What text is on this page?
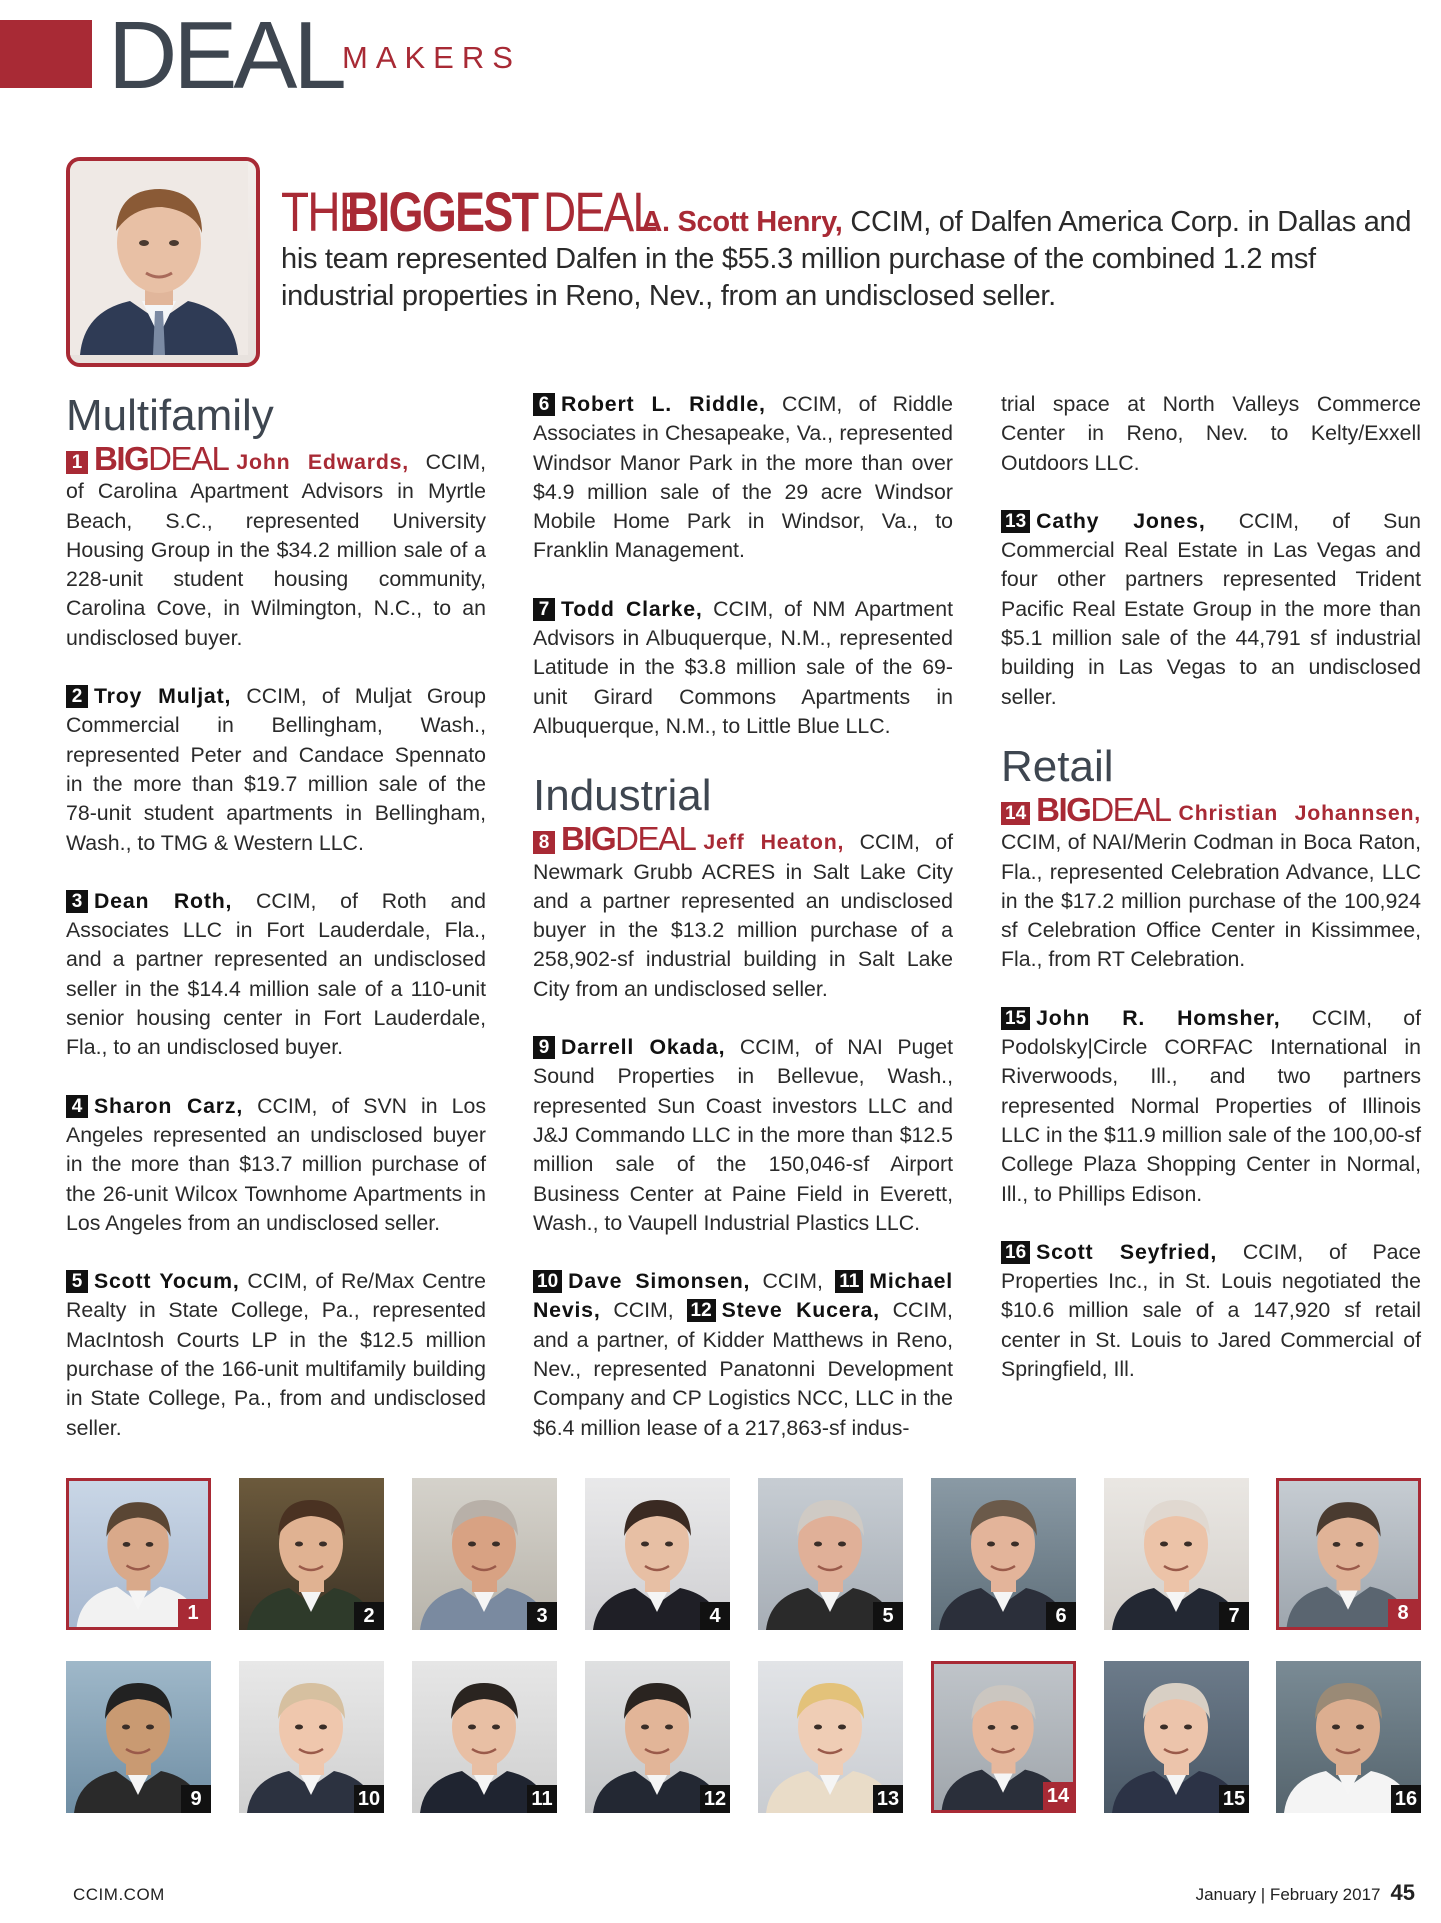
DEAL MAKERS
THEBIGGESTDEALA. Scott Henry, CCIM, of Dalfen America Corp. in Dallas and his team represented Dalfen in the $55.3 million purchase of the combined 1.2 msf industrial properties in Reno, Nev., from an undisclosed seller.
Multifamily

1 BIGDEAL John Edwards, CCIM, of Carolina Apartment Advisors in Myrtle Beach, S.C., represented University Housing Group in the $34.2 million sale of a 228-unit student housing community, Carolina Cove, in Wilmington, N.C., to an undisclosed buyer.

2 Troy Muljat, CCIM, of Muljat Group Commercial in Bellingham, Wash., represented Peter and Candace Spennato in the more than $19.7 million sale of the 78-unit student apartments in Bellingham, Wash., to TMG & Western LLC.

3 Dean Roth, CCIM, of Roth and Associates LLC in Fort Lauderdale, Fla., and a partner represented an undisclosed seller in the $14.4 million sale of a 110-unit senior housing center in Fort Lauderdale, Fla., to an undisclosed buyer.

4 Sharon Carz, CCIM, of SVN in Los Angeles represented an undisclosed buyer in the more than $13.7 million purchase of the 26-unit Wilcox Townhome Apartments in Los Angeles from an undisclosed seller.

5 Scott Yocum, CCIM, of Re/Max Centre Realty in State College, Pa., represented MacIntosh Courts LP in the $12.5 million purchase of the 166-unit multifamily building in State College, Pa., from and undisclosed seller.

6 Robert L. Riddle, CCIM, of Riddle Associates in Chesapeake, Va., represented Windsor Manor Park in the more than over $4.9 million sale of the 29 acre Windsor Mobile Home Park in Windsor, Va., to Franklin Management.

7 Todd Clarke, CCIM, of NM Apartment Advisors in Albuquerque, N.M., represented Latitude in the $3.8 million sale of the 69-unit Girard Commons Apartments in Albuquerque, N.M., to Little Blue LLC.

Industrial

8 BIGDEAL Jeff Heaton, CCIM, of Newmark Grubb ACRES in Salt Lake City and a partner represented an undisclosed buyer in the $13.2 million purchase of a 258,902-sf industrial building in Salt Lake City from an undisclosed seller.

9 Darrell Okada, CCIM, of NAI Puget Sound Properties in Bellevue, Wash., represented Sun Coast investors LLC and J&J Commando LLC in the more than $12.5 million sale of the 150,046-sf Airport Business Center at Paine Field in Everett, Wash., to Vaupell Industrial Plastics LLC.

10 Dave Simonsen, CCIM, 11 Michael Nevis, CCIM, 12 Steve Kucera, CCIM, and a partner, of Kidder Matthews in Reno, Nev., represented Panatonni Development Company and CP Logistics NCC, LLC in the $6.4 million lease of a 217,863-sf indus-

trial space at North Valleys Commerce Center in Reno, Nev. to Kelty/Exxell Outdoors LLC.

13 Cathy Jones, CCIM, of Sun Commercial Real Estate in Las Vegas and four other partners represented Trident Pacific Real Estate Group in the more than $5.1 million sale of the 44,791 sf industrial building in Las Vegas to an undisclosed seller.

Retail

14 BIGDEAL Christian Johannsen, CCIM, of NAI/Merin Codman in Boca Raton, Fla., represented Celebration Advance, LLC in the $17.2 million purchase of the 100,924 sf Celebration Office Center in Kissimmee, Fla., from RT Celebration.

15 John R. Homsher, CCIM, of Podolsky|Circle CORFAC International in Riverwoods, Ill., and two partners represented Normal Properties of Illinois LLC in the $11.9 million sale of the 100,00-sf College Plaza Shopping Center in Normal, Ill., to Phillips Edison.

16 Scott Seyfried, CCIM, of Pace Properties Inc., in St. Louis negotiated the $10.6 million sale of a 147,920 sf retail center in St. Louis to Jared Commercial of Springfield, Ill.

1	2	3	4	5	6	7	8
9	10	11	12	13	14	15	16
CCIM.COM	January | February 2017 45
